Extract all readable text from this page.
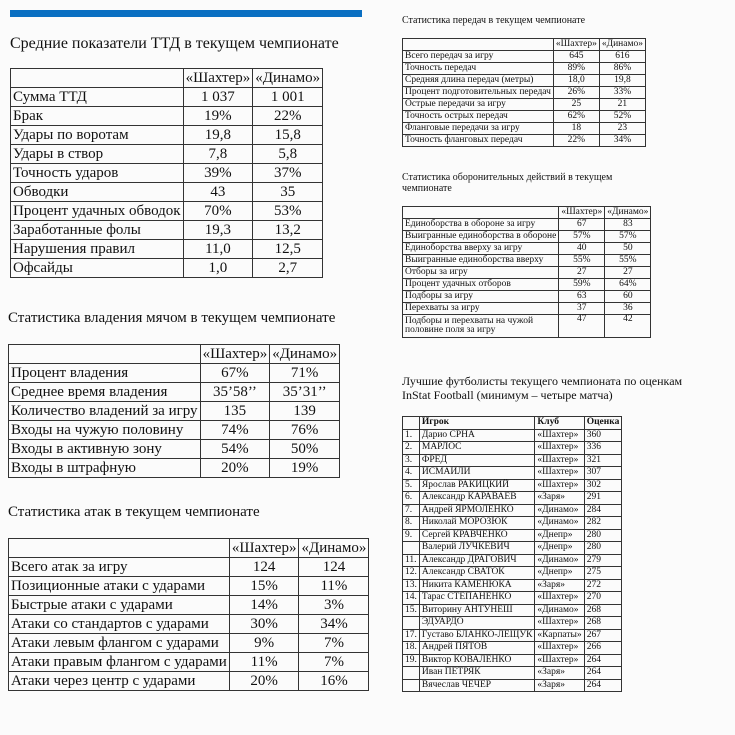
Средние показатели ТТД в текущем чемпионате
	«Шахтер»	«Динамо»
Сумма ТТД	1 037	1 001
Брак	19%	22%
Удары по воротам	19,8	15,8
Удары в створ	7,8	5,8
Точность ударов	39%	37%
Обводки	43	35
Процент удачных обводок	70%	53%
Заработанные фолы	19,3	13,2
Нарушения правил	11,0	12,5
Офсайды	1,0	2,7
Статистика владения мячом в текущем чемпионате
	«Шахтер»	«Динамо»
Процент владения	67%	71%
Среднее время владения	35’58’’	35’31’’
Количество владений за игру	135	139
Входы на чужую половину	74%	76%
Входы в активную зону	54%	50%
Входы в штрафную	20%	19%
Статистика атак в текущем чемпионате
	«Шахтер»	«Динамо»
Всего атак за игру	124	124
Позиционные атаки с ударами	15%	11%
Быстрые атаки с ударами	14%	3%
Атаки со стандартов с ударами	30%	34%
Атаки левым флангом с ударами	9%	7%
Атаки правым флангом с ударами	11%	7%
Атаки через центр с ударами	20%	16%
Статистика передач в текущем чемпионате
	«Шахтер»	«Динамо»
Всего передач за игру	645	616
Точность передач	89%	86%
Средняя длина передач (метры)	18,0	19,8
Процент подготовительных передач	26%	33%
Острые передачи за игру	25	21
Точность острых передач	62%	52%
Фланговые передачи за игру	18	23
Точность фланговых передач	22%	34%
Статистика оборонительных действий в текущем
чемпионате
	«Шахтер»	«Динамо»
Единоборства в обороне за игру	67	83
Выигранные единоборства в обороне	57%	57%
Единоборства вверху за игру	40	50
Выигранные единоборства вверху	55%	55%
Отборы за игру	27	27
Процент удачных отборов	59%	64%
Подборы за игру	63	60
Перехваты за игру	37	36
Подборы и перехваты на чужой половине поля за игру	47	42
Лучшие футболисты текущего чемпионата по оценкам
InStat Football (минимум – четыре матча)
	Игрок	Клуб	Оценка
1.	Дарио СРНА	«Шахтер»	360
2.	МАРЛОС	«Шахтер»	336
3.	ФРЕД	«Шахтер»	321
4.	ИСМАИЛИ	«Шахтер»	307
5.	Ярослав РАКИЦКИЙ	«Шахтер»	302
6.	Александр КАРАВАЕВ	«Заря»	291
7.	Андрей ЯРМОЛЕНКО	«Динамо»	284
8.	Николай МОРОЗЮК	«Динамо»	282
9.	Сергей КРАВЧЕНКО	«Днепр»	280
	Валерий ЛУЧКЕВИЧ	«Днепр»	280
11.	Александр ДРАГОВИЧ	«Динамо»	279
12.	Александр СВАТОК	«Днепр»	275
13.	Никита КАМЕНЮКА	«Заря»	272
14.	Тарас СТЕПАНЕНКО	«Шахтер»	270
15.	Виторину АНТУНЕШ	«Динамо»	268
	ЭДУАРДО	«Шахтер»	268
17.	Густаво БЛАНКО-ЛЕЩУК	«Карпаты»	267
18.	Андрей ПЯТОВ	«Шахтер»	266
19.	Виктор КОВАЛЕНКО	«Шахтер»	264
	Иван ПЕТРЯК	«Заря»	264
	Вячеслав ЧЕЧЕР	«Заря»	264
